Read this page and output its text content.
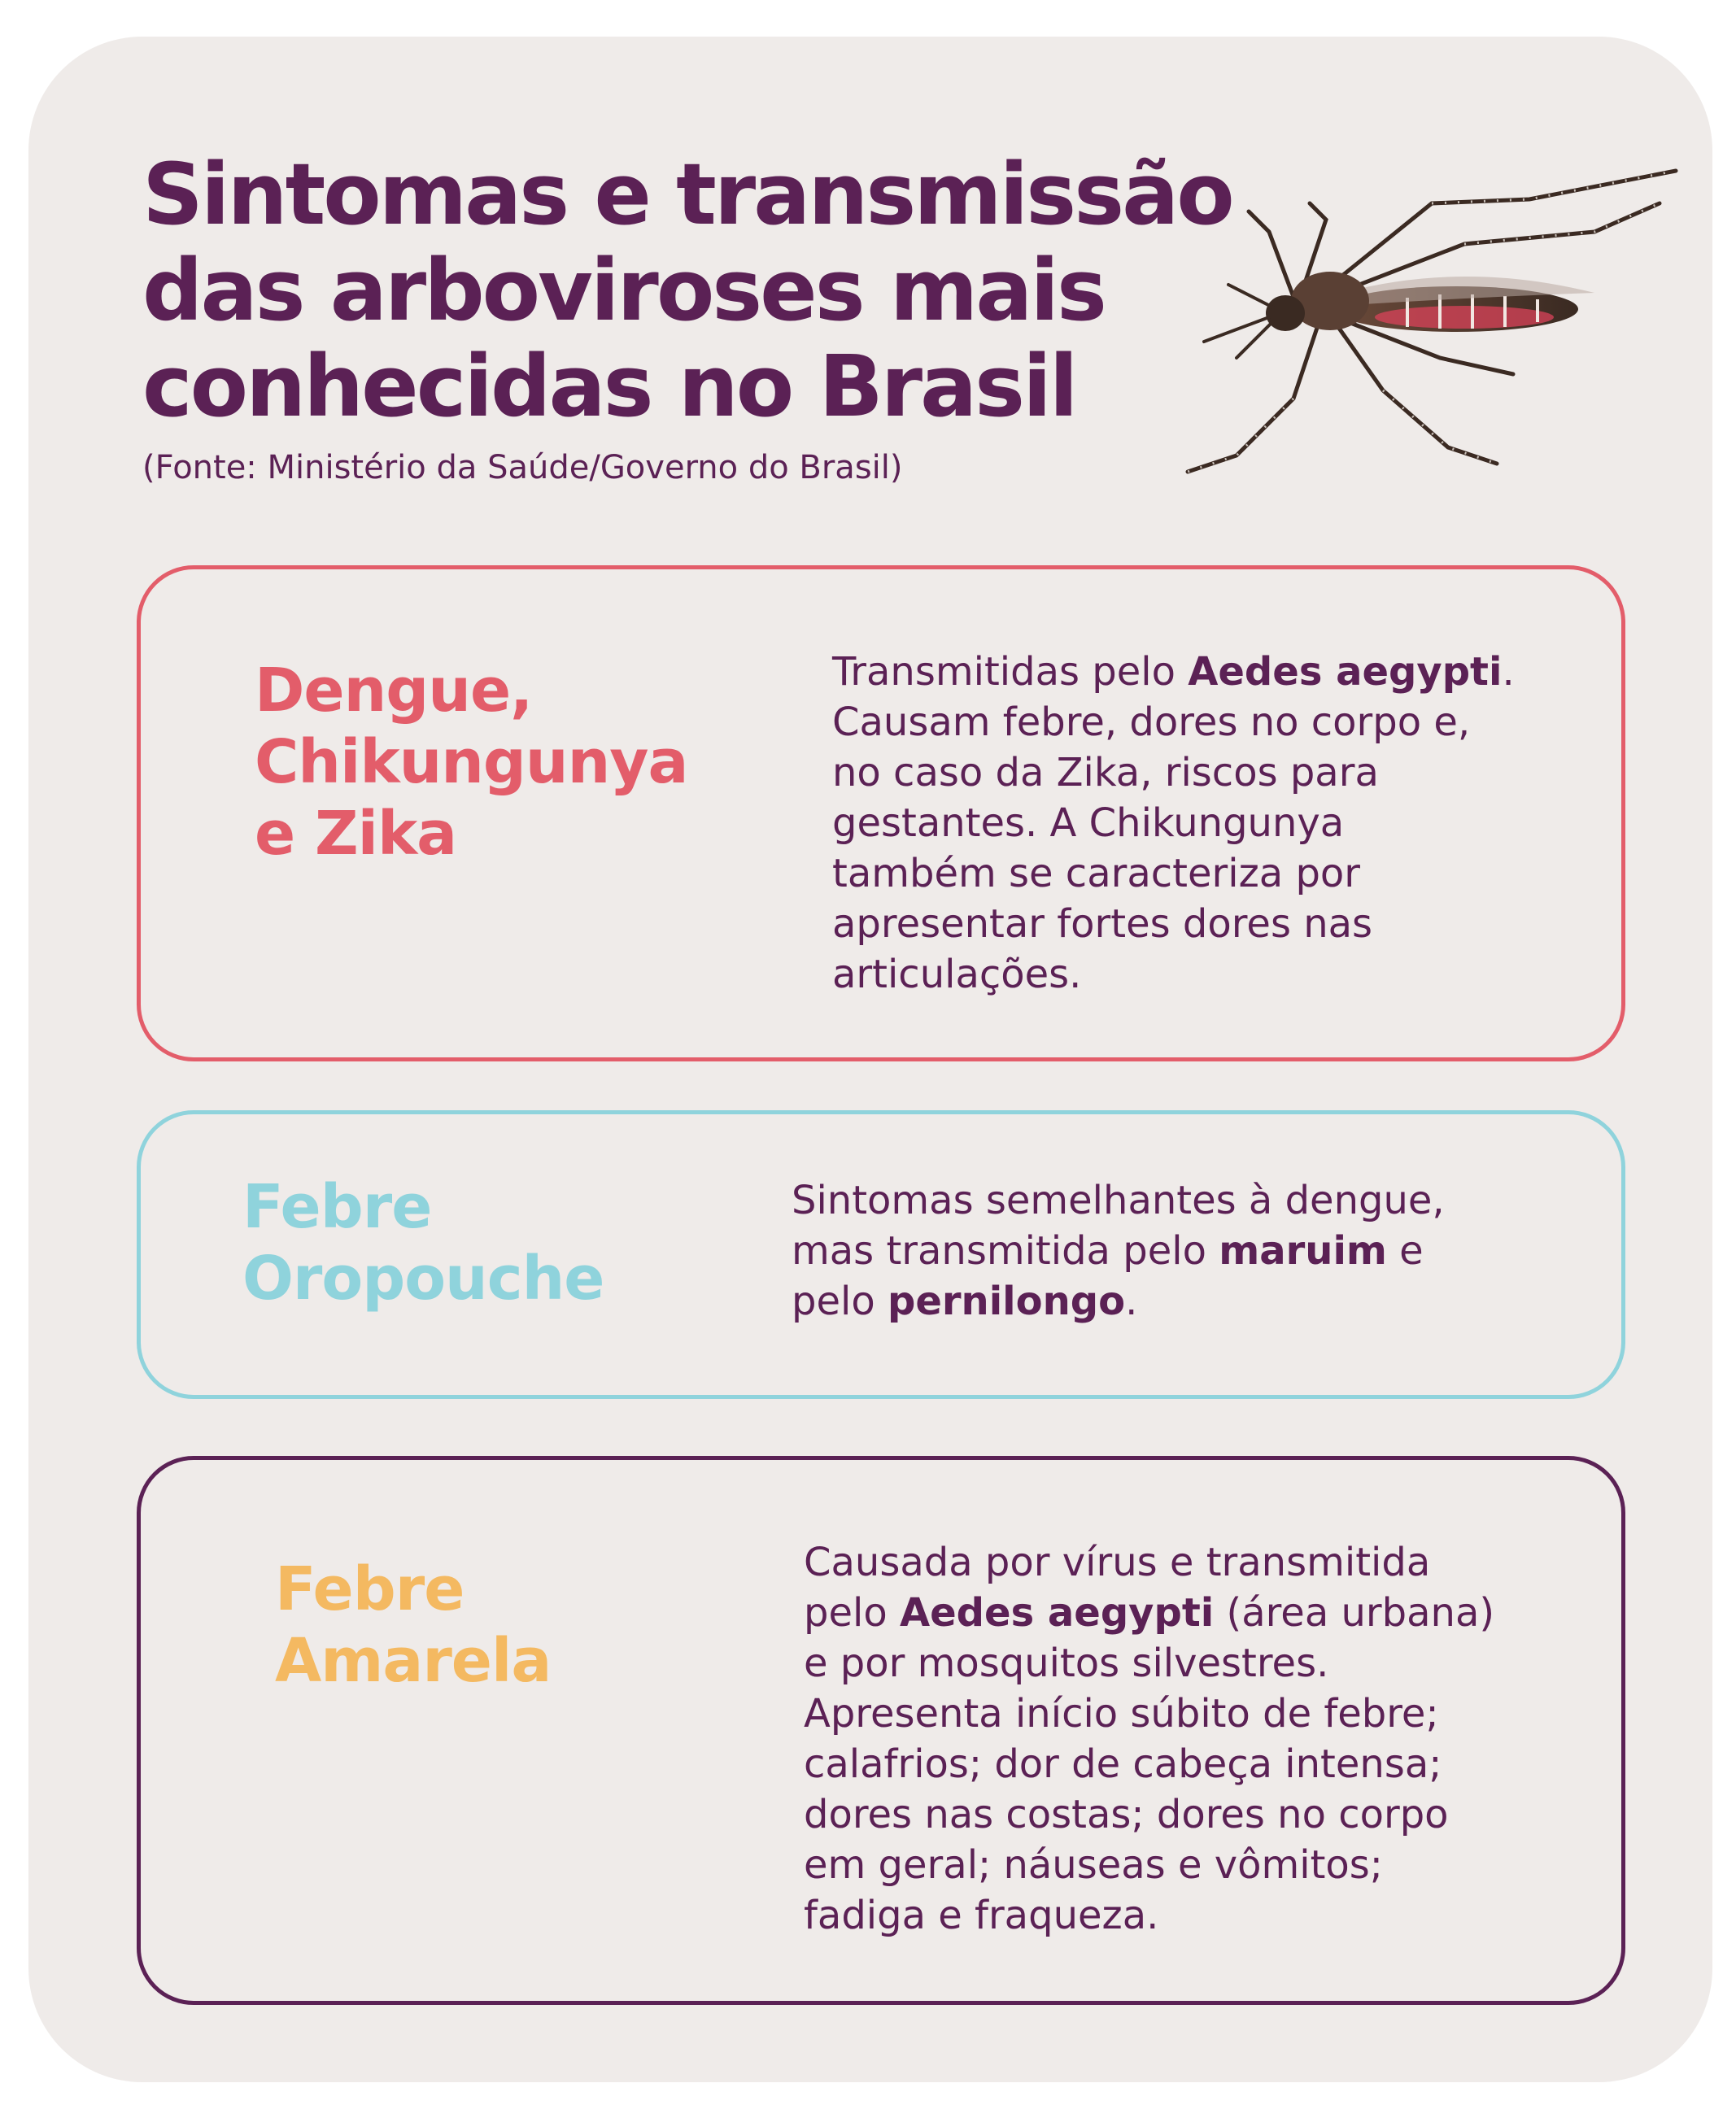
Sintomas e transmissão
das arboviroses mais
conhecidas no Brasil
(Fonte: Ministério da Saúde/Governo do Brasil)
Dengue,
Chikungunya
e Zika
Transmitidas pelo Aedes aegypti.
Causam febre, dores no corpo e,
no caso da Zika, riscos para
gestantes. A Chikungunya
também se caracteriza por
apresentar fortes dores nas
articulações.
Febre
Oropouche
Sintomas semelhantes à dengue,
mas transmitida pelo maruim e
pelo pernilongo.
Febre
Amarela
Causada por vírus e transmitida
pelo Aedes aegypti (área urbana)
e por mosquitos silvestres.
Apresenta início súbito de febre;
calafrios; dor de cabeça intensa;
dores nas costas; dores no corpo
em geral; náuseas e vômitos;
fadiga e fraqueza.
